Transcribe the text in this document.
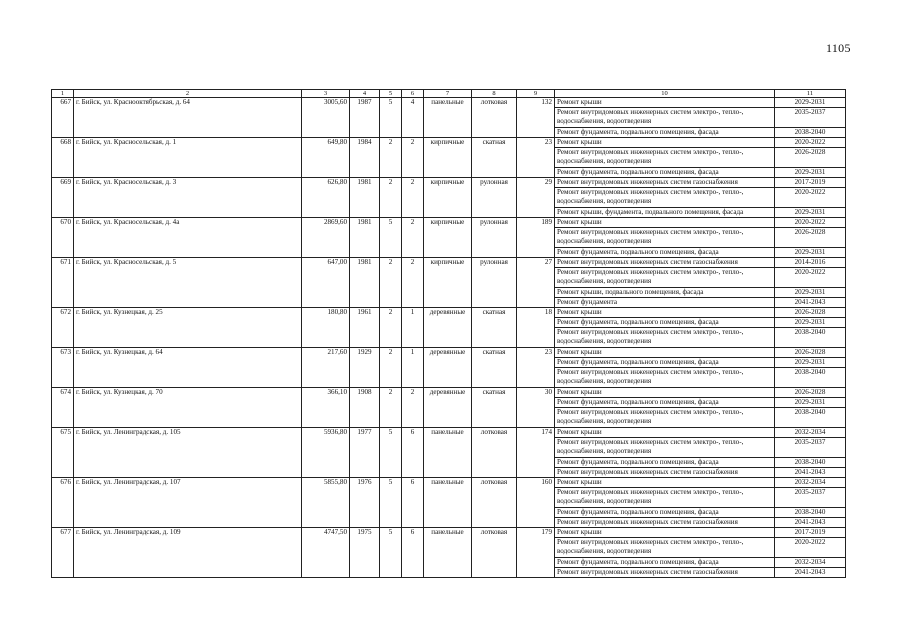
1105
1	2	3	4	5	6	7	8	9	10	11
667	г. Бийск, ул. Краснооктябрьская, д. 64	3005,60	1987	5	4	панельные	лотковая	132	Ремонт крыши	2029-2031
									Ремонт внутридомовых инженерных систем электро-, тепло-, водоснабжения, водоотведения	2035-2037
									Ремонт фундамента, подвального помещения, фасада	2038-2040
668	г. Бийск, ул. Красносельская, д. 1	649,80	1984	2	2	кирпичные	скатная	23	Ремонт крыши	2020-2022
									Ремонт внутридомовых инженерных систем электро-, тепло-, водоснабжения, водоотведения	2026-2028
									Ремонт фундамента, подвального помещения, фасада	2029-2031
669	г. Бийск, ул. Красносельская, д. 3	626,80	1981	2	2	кирпичные	рулонная	29	Ремонт внутридомовых инженерных систем газоснабжения	2017-2019
									Ремонт внутридомовых инженерных систем электро-, тепло-, водоснабжения, водоотведения	2020-2022
									Ремонт крыши, фундамента, подвального помещения, фасада	2029-2031
670	г. Бийск, ул. Красносельская, д. 4а	2869,60	1981	5	2	кирпичные	рулонная	189	Ремонт крыши	2020-2022
									Ремонт внутридомовых инженерных систем электро-, тепло-, водоснабжения, водоотведения	2026-2028
									Ремонт фундамента, подвального помещения, фасада	2029-2031
671	г. Бийск, ул. Красносельская, д. 5	647,00	1981	2	2	кирпичные	рулонная	27	Ремонт внутридомовых инженерных систем газоснабжения	2014-2016
									Ремонт внутридомовых инженерных систем электро-, тепло-, водоснабжения, водоотведения	2020-2022
									Ремонт крыши, подвального помещения, фасада	2029-2031
									Ремонт фундамента	2041-2043
672	г. Бийск, ул. Кузнецкая, д. 25	180,80	1961	2	1	деревянные	скатная	18	Ремонт крыши	2026-2028
									Ремонт фундамента, подвального помещения, фасада	2029-2031
									Ремонт внутридомовых инженерных систем электро-, тепло-, водоснабжения, водоотведения	2038-2040
673	г. Бийск, ул. Кузнецкая, д. 64	217,60	1929	2	1	деревянные	скатная	23	Ремонт крыши	2026-2028
									Ремонт фундамента, подвального помещения, фасада	2029-2031
									Ремонт внутридомовых инженерных систем электро-, тепло-, водоснабжения, водоотведения	2038-2040
674	г. Бийск, ул. Кузнецкая, д. 70	366,10	1908	2	2	деревянные	скатная	30	Ремонт крыши	2026-2028
									Ремонт фундамента, подвального помещения, фасада	2029-2031
									Ремонт внутридомовых инженерных систем электро-, тепло-, водоснабжения, водоотведения	2038-2040
675	г. Бийск, ул. Ленинградская, д. 105	5936,80	1977	5	6	панельные	лотковая	174	Ремонт крыши	2032-2034
									Ремонт внутридомовых инженерных систем электро-, тепло-, водоснабжения, водоотведения	2035-2037
									Ремонт фундамента, подвального помещения, фасада	2038-2040
									Ремонт внутридомовых инженерных систем газоснабжения	2041-2043
676	г. Бийск, ул. Ленинградская, д. 107	5855,80	1976	5	6	панельные	лотковая	160	Ремонт крыши	2032-2034
									Ремонт внутридомовых инженерных систем электро-, тепло-, водоснабжения, водоотведения	2035-2037
									Ремонт фундамента, подвального помещения, фасада	2038-2040
									Ремонт внутридомовых инженерных систем газоснабжения	2041-2043
677	г. Бийск, ул. Ленинградская, д. 109	4747,50	1975	5	6	панельные	лотковая	179	Ремонт крыши	2017-2019
									Ремонт внутридомовых инженерных систем электро-, тепло-, водоснабжения, водоотведения	2020-2022
									Ремонт фундамента, подвального помещения, фасада	2032-2034
									Ремонт внутридомовых инженерных систем газоснабжения	2041-2043
